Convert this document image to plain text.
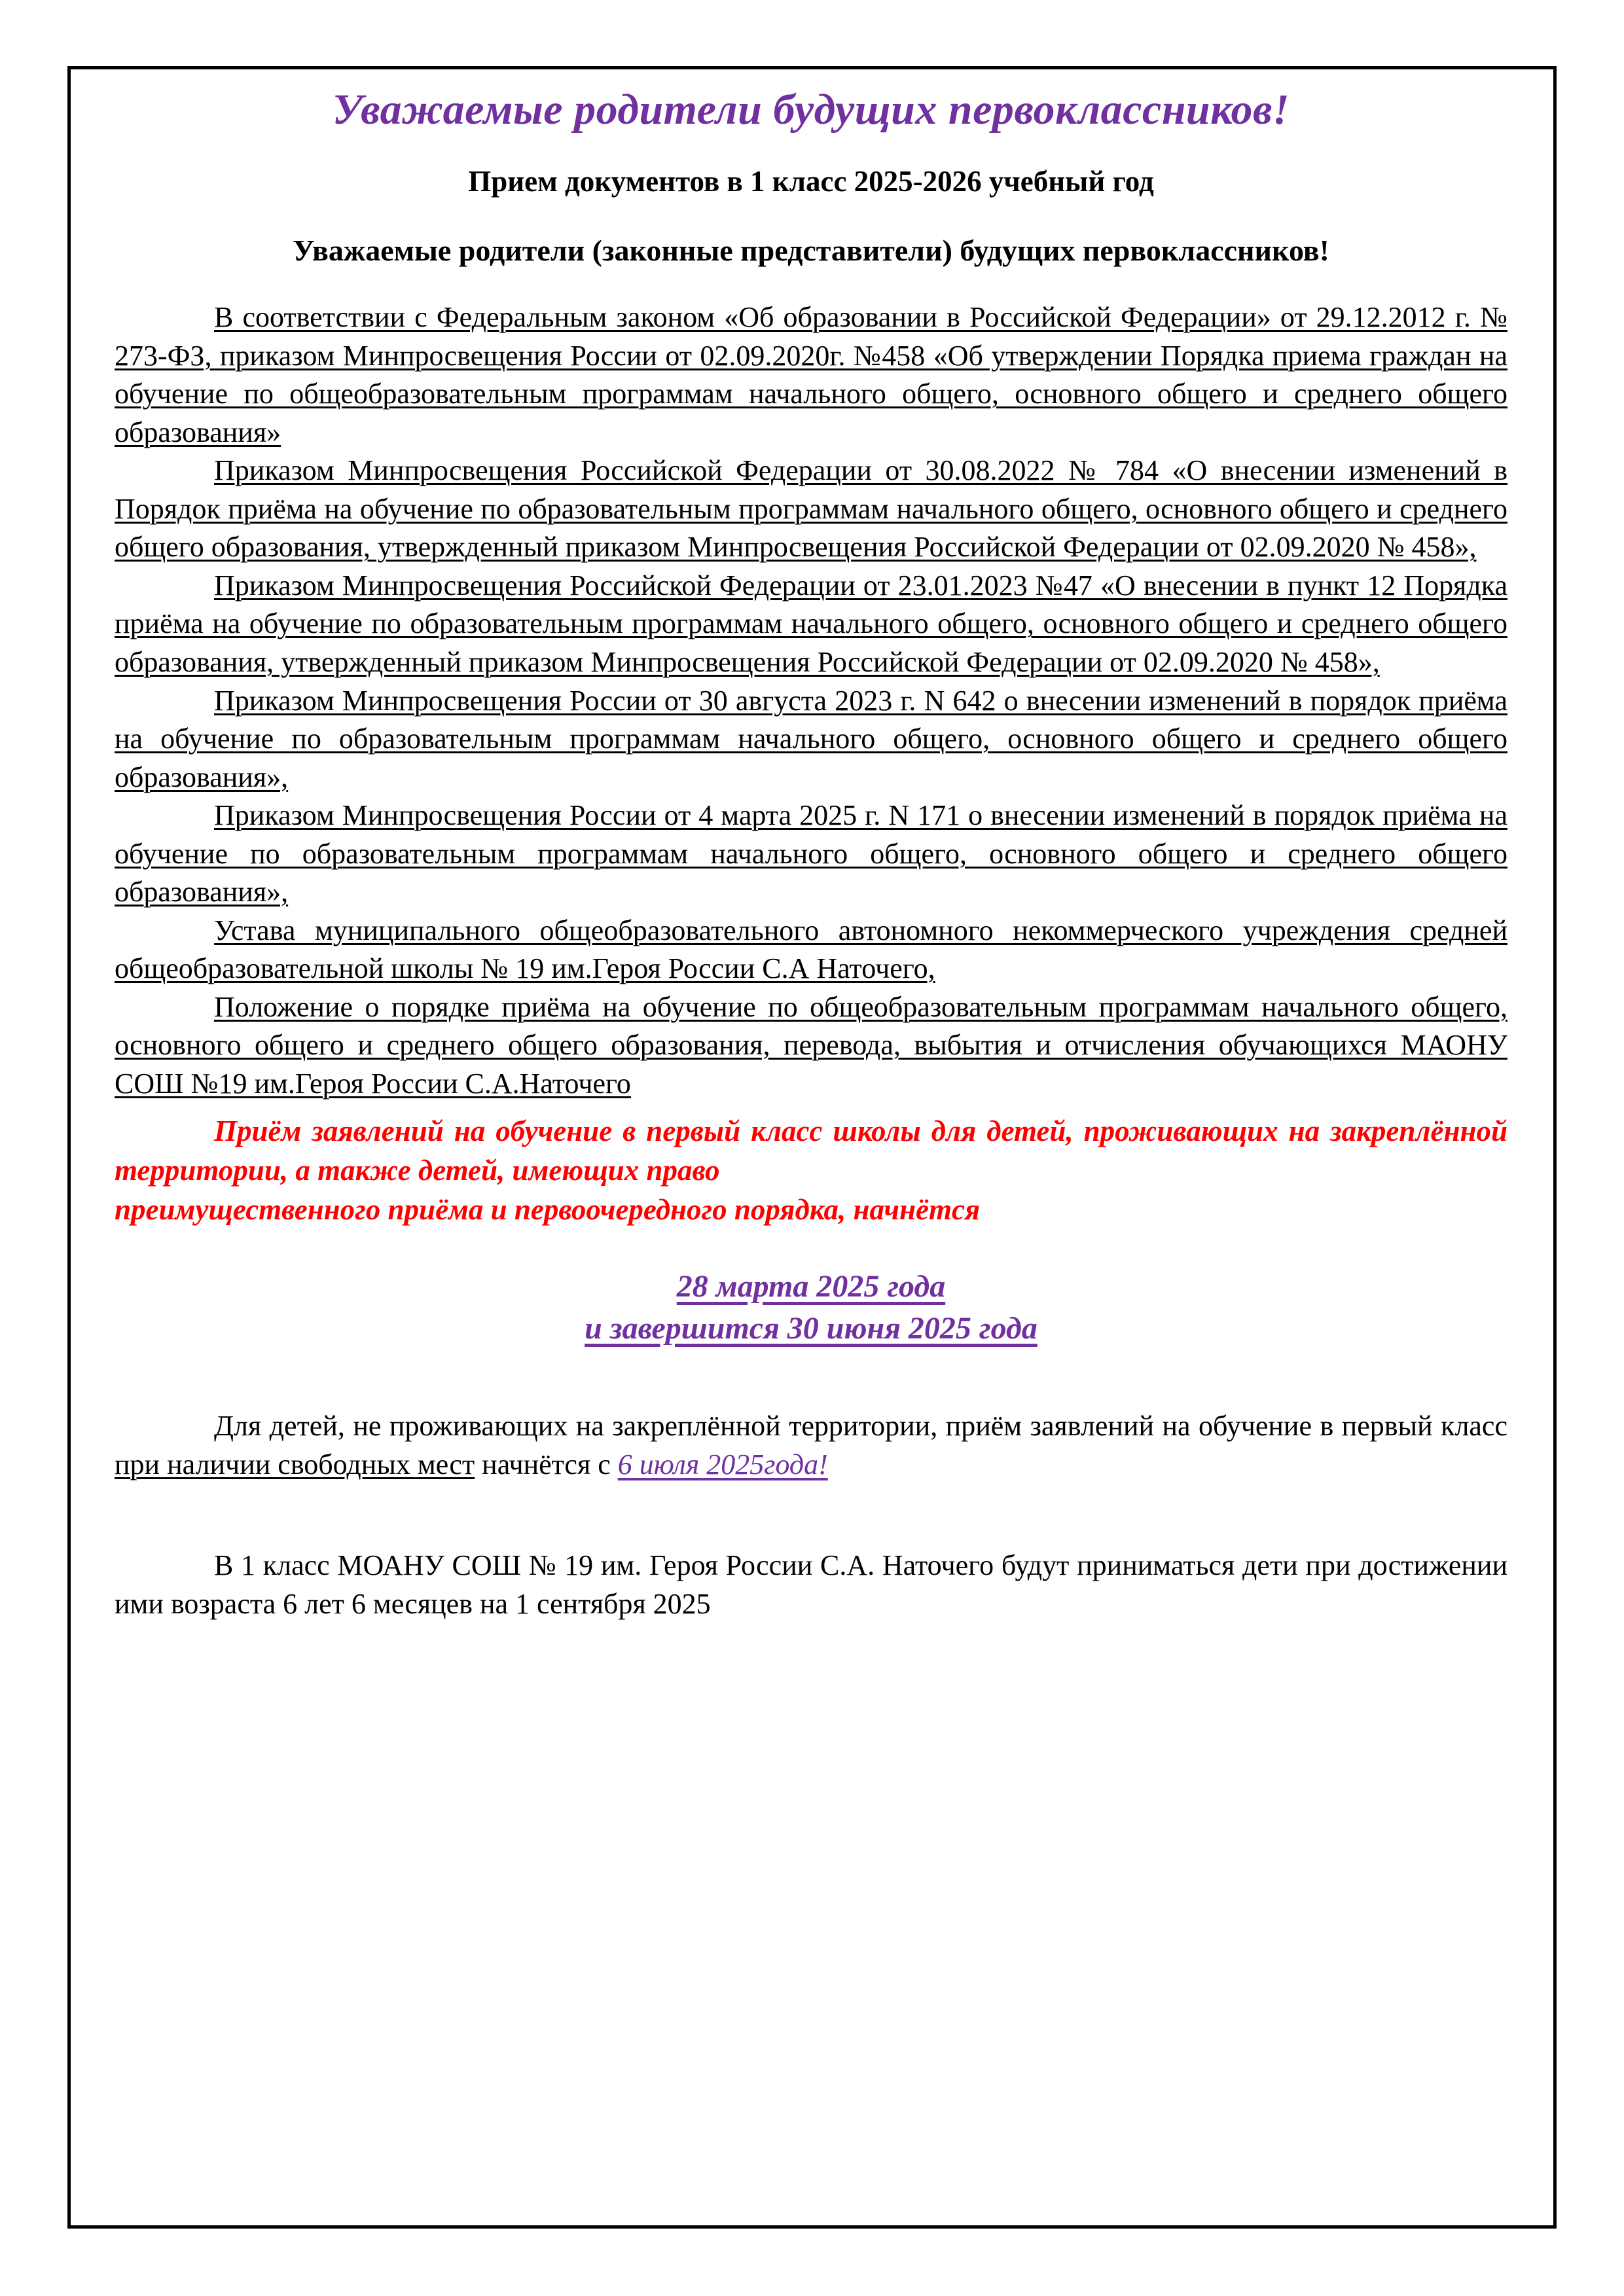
Уважаемые родители будущих первоклассников!
Прием документов в 1 класс 2025-2026 учебный год
Уважаемые родители (законные представители) будущих первоклассников!

В соответствии с Федеральным законом «Об образовании в Российской Федерации» от 29.12.2012 г. № 273-ФЗ, приказом Минпросвещения России от 02.09.2020г. №458 «Об утверждении Порядка приема граждан на обучение по общеобразовательным программам начального общего, основного общего и среднего общего образования»

Приказом Минпросвещения Российской Федерации от 30.08.2022 № 784 «О внесении изменений в Порядок приёма на обучение по образовательным программам начального общего, основного общего и среднего общего образования, утвержденный приказом Минпросвещения Российской Федерации от 02.09.2020 № 458»,

Приказом Минпросвещения Российской Федерации от 23.01.2023 №47 «О внесении в пункт 12 Порядка приёма на обучение по образовательным программам начального общего, основного общего и среднего общего образования, утвержденный приказом Минпросвещения Российской Федерации от 02.09.2020 № 458»,

Приказом Минпросвещения России от 30 августа 2023 г. N 642 о внесении изменений в порядок приёма на обучение по образовательным программам начального общего, основного общего и среднего общего образования»,

Приказом Минпросвещения России от 4 марта 2025 г. N 171 о внесении изменений в порядок приёма на обучение по образовательным программам начального общего, основного общего и среднего общего образования»,

Устава муниципального общеобразовательного автономного некоммерческого учреждения средней общеобразовательной школы № 19 им.Героя России С.А Наточего,

Положение о порядке приёма на обучение по общеобразовательным программам начального общего, основного общего и среднего общего образования, перевода, выбытия и отчисления обучающихся МАОНУ СОШ №19 им.Героя России С.А.Наточего

Приём заявлений на обучение в первый класс школы для детей, проживающих на закреплённой территории, а также детей, имеющих право
преимущественного приёма и первоочередного порядка, начнётся

28 марта 2025 года

и завершится 30 июня 2025 года

Для детей, не проживающих на закреплённой территории, приём заявлений на обучение в первый класс при наличии свободных мест начнётся с 6 июля 2025года!

В 1 класс МОАНУ СОШ № 19 им. Героя России С.А. Наточего будут приниматься дети при достижении ими возраста 6 лет 6 месяцев на 1 сентября 2025
